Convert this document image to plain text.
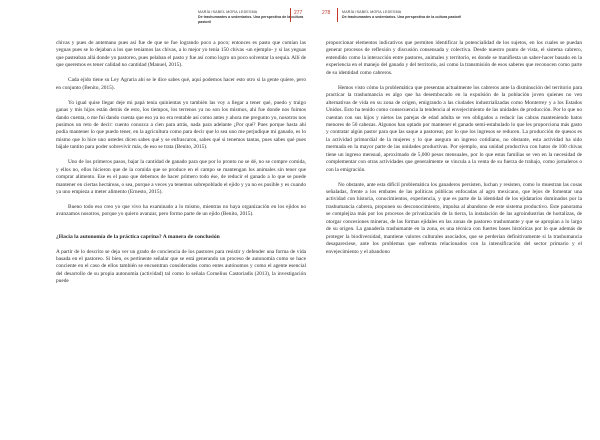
MARÍA ISABEL MORA LEDESMA
De trashumantes a sedentarios. Una perspectiva de la cultura pastoril
277

chivas y pues de antemano pues así fue de que se fue logrando poco a poco; entonces es pasto que comían las yeguas pues se lo dejaban a los que teníamos las chivas, a lo mejor yo tenía 150 chivas -un ejemplo- y si las yeguas que pasteaban allá donde yo pastoreo, pues pelaban el pasto y fue así como logro un poco solventar la sequía. Allí de que queremos es tener calidad no cantidad (Manuel, 2015).

Cada ejido tiene su Ley Agraria ahí se le dice sabes qué, aquí podemos hacer esto otro si la gente quiere, pero en conjunto (Benito, 2015).

Yo igual quise llegar deje mi papá tenía quinientas yo también las voy a llegar a tener qué, puedo y traigo ganas y mis hijos están detrás de esto, los tiempos, los terrenos ya no son los mismos, ahí fue donde nos fuimos dando cuenta, o me fui dando cuenta que eso ya no era rentable así como antes y ahora me pregunto yo, nosotros nos pusimos un reto de decir: cuento conozca a cien para atrás, nada para adelante ¿Por qué? Pues porque hasta ahí podía mantener lo que puedo tener, en la agricultura como para decir que lo sea uno me perjudique mi ganado, es lo mismo que lo hice uno ustedes dicen sabes qué y se enfrascaron, sabes qué si tenemos tantas, pues sabes qué pues bájale tantito para poder sobrevivir más, de eso se trata (Benito, 2015).

Uno de los primeros pasos, bajar la cantidad de ganado para que por lo pronto no se dé, no se compre comida, y ellos no, ellos hicieron que de la comida que se produce en el campo se mantengan los animales sin tener que comprar alimento. Ese es el paso que debemos de hacer primero todo ése, de reducir el ganado a lo que se puede mantener en ciertas hectáreas, o sea, porque a veces ya tenemos sobrepoblado el ejido y ya no es posible y es cuando ya uno empieza a meter alimento (Ernesto, 2015).

Bueno todo eso creo yo que vivo ha examinado a lo mismo, mientras no haya organización en los ejidos no avanzamos nosotros, porque yo quiero avanzar, pero formo parte de un ejido (Benito, 2015).

¿Hacia la autonomía de la práctica caprina? A manera de conclusión

A partir de lo descrito se deja ver un grado de conciencia de los pastores para resistir y defender una forma de vida basada en el pastoreo. Si bien, es pertinente señalar que se está generando un proceso de autonomía como se hace conciente en el caso de ellos también se encuentran considerados como entes autónomos y como el agente esencial del desarrollo de su propia autonomía (actividad) tal como lo señala Cornelius Castoriadis (2013), la investigación puede

278	MARÍA ISABEL MORA LEDESMA
De trashumantes a sedentarios. Una perspectiva de la cultura pastoril

proporcionar elementos indicativos que permiten identificar la potencialidad de los sujetos, en los cuales se puedan generar procesos de reflexión y discusión consensada y colectiva. Desde nuestro punto de vista, el sistema cabrero, entendido como la interacción entre pastores, animales y territorio, es donde se manifiesta un saber-hacer basado en la experiencia en el manejo del ganado y del territorio, así como la transmisión de esos saberes que reconocen como parte de su identidad como cabreros.

Hemos visto cómo la problemática que presentan actualmente los cabreros ante la disminución del territorio para practicar la trashumancia es algo que ha desembocado en la expulsión de la población joven quienes no ven alternativas de vida en su zona de origen, emigrando a las ciudades industrializadas como Monterrey y a los Estados Unidos. Esto ha tenido como consecuencia la tendencia al envejecimiento de las unidades de producción. Por lo que no cuentan con sus hijos y nietos las parejas de edad adulta se ven obligados a reducir las cabras manteniendo hatos menores de 50 cabezas. Algunos han optado por mantener el ganado semi-estabulado lo que les proporciona más gasto y contratar algún pastor para que las saque a pastorear, por lo que los ingresos se reducen. La producción de quesos es la actividad primordial de la mujeres y lo que asegura un ingreso cotidiano, no obstante, esta actividad ha sido mermada en la mayor parte de las unidades productivas. Por ejemplo, una unidad productiva con hatos de 100 chivas tiene un ingreso mensual, aproximado de 5,000 pesos mensuales, por lo que estas familias se ven en la necesidad de complementar con otras actividades que generalmente se vincula a la venta de su fuerza de trabajo, como jornaleros o con la emigración.

No obstante, ante esta difícil problemática los ganaderos persisten, luchan y resisten, como lo muestran las cosas señaladas, frente a los embates de las políticas públicas enfocadas al agro mexicano, que lejos de fomentar una actividad con historia, conocimientos, experiencia, y que es parte de la identidad de los ejidatarios dominados por la trashumancia cabrera, proponen su desconocimiento, impulsa al abandono de este sistema productivo. Este panorama se complejiza más por los procesos de privatización de la tierra, la instalación de las agroindustrias de hortalizas, de otorgar concesiones mineras, de las formas ejidales en las zonas de pastoreo trashumante y que se apropian a lo largo de su origen. La ganadería trashumante en la zona, es una técnica con fuertes bases históricas por lo que además de proteger la biodiversidad, mantiene valores culturales asociados, que se perderían definitivamente si la trashumancia desapareciese, ante los problemas que enfrenta relacionados con la intensificación del sector primario y el envejecimiento y el abandono
